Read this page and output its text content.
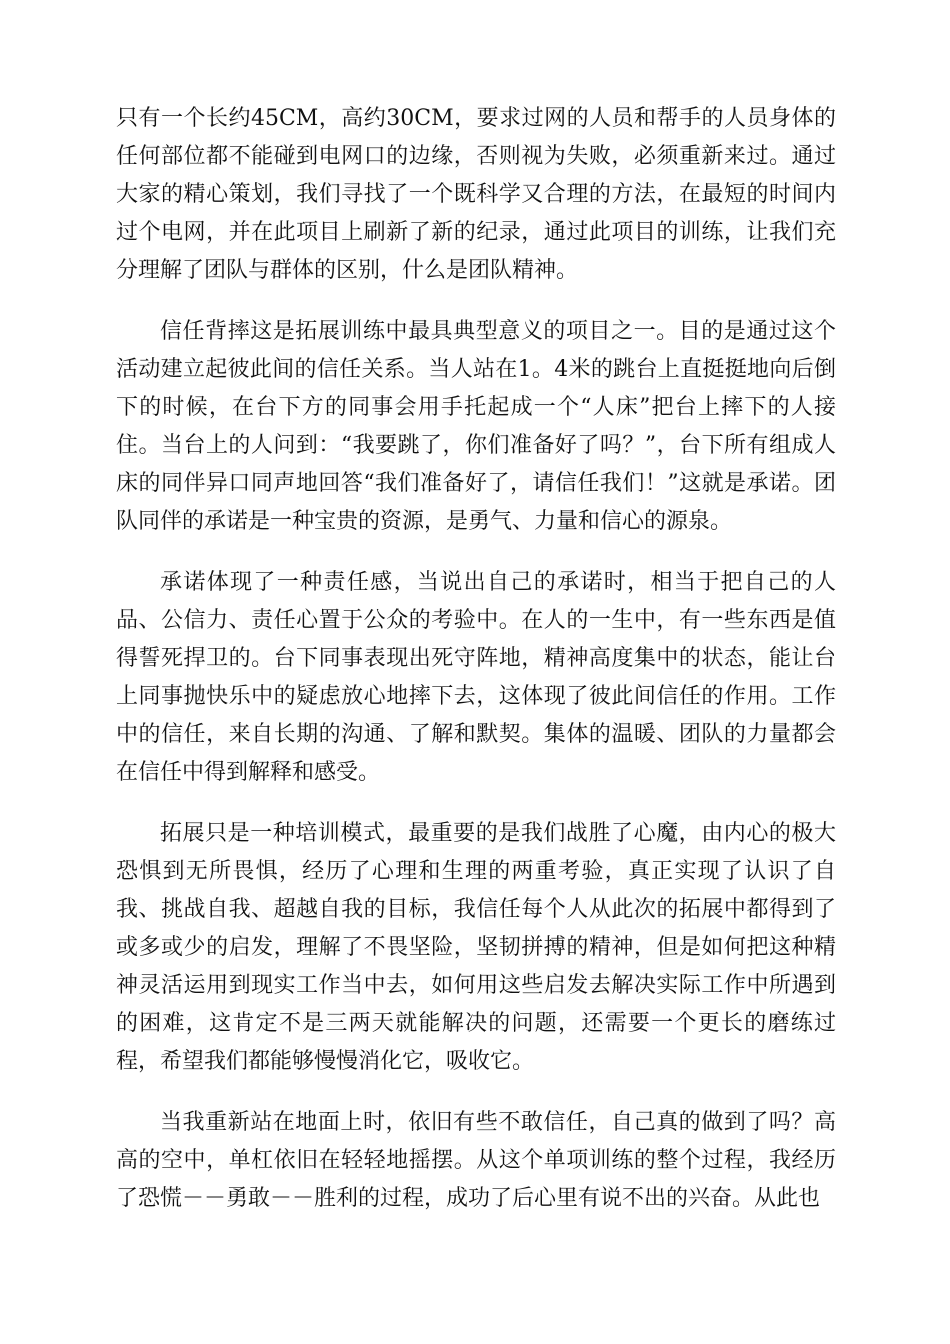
只有一个长约45CM，高约30CM，要求过网的人员和帮手的人员身体的任何部位都不能碰到电网口的边缘，否则视为失败，必须重新来过。通过大家的精心策划，我们寻找了一个既科学又合理的方法，在最短的时间内过个电网，并在此项目上刷新了新的纪录，通过此项目的训练，让我们充分理解了团队与群体的区别，什么是团队精神。

信任背摔这是拓展训练中最具典型意义的项目之一。目的是通过这个活动建立起彼此间的信任关系。当人站在1。4米的跳台上直挺挺地向后倒下的时候，在台下方的同事会用手托起成一个“人床”把台上摔下的人接住。当台上的人问到：“我要跳了，你们准备好了吗？”，台下所有组成人床的同伴异口同声地回答“我们准备好了，请信任我们！”这就是承诺。团队同伴的承诺是一种宝贵的资源，是勇气、力量和信心的源泉。

承诺体现了一种责任感，当说出自己的承诺时，相当于把自己的人品、公信力、责任心置于公众的考验中。在人的一生中，有一些东西是值得誓死捍卫的。台下同事表现出死守阵地，精神高度集中的状态，能让台上同事抛快乐中的疑虑放心地摔下去，这体现了彼此间信任的作用。工作中的信任，来自长期的沟通、了解和默契。集体的温暖、团队的力量都会在信任中得到解释和感受。

拓展只是一种培训模式，最重要的是我们战胜了心魔，由内心的极大恐惧到无所畏惧，经历了心理和生理的两重考验，真正实现了认识了自我、挑战自我、超越自我的目标，我信任每个人从此次的拓展中都得到了或多或少的启发，理解了不畏坚险，坚韧拼搏的精神，但是如何把这种精神灵活运用到现实工作当中去，如何用这些启发去解决实际工作中所遇到的困难，这肯定不是三两天就能解决的问题，还需要一个更长的磨练过程，希望我们都能够慢慢消化它，吸收它。

当我重新站在地面上时，依旧有些不敢信任，自己真的做到了吗？高高的空中，单杠依旧在轻轻地摇摆。从这个单项训练的整个过程，我经历了恐慌－－勇敢－－胜利的过程，成功了后心里有说不出的兴奋。从此也
